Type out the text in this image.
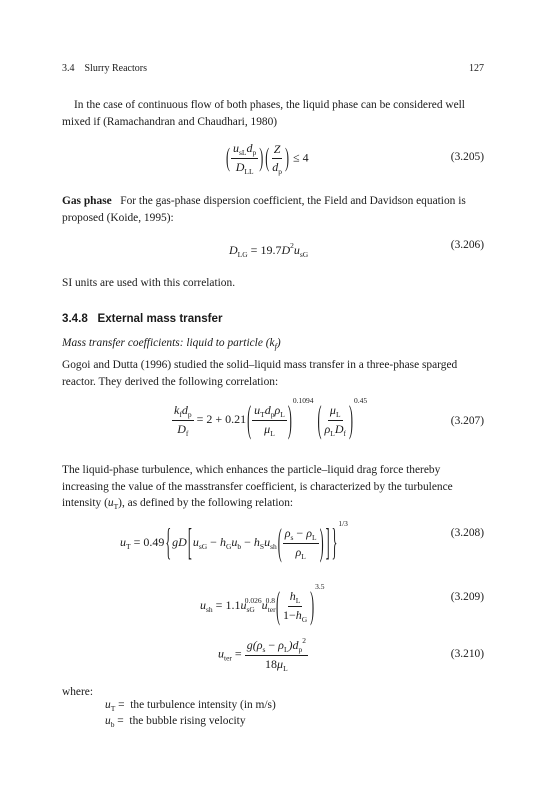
3.4 Slurry Reactors	127
In the case of continuous flow of both phases, the liquid phase can be considered well mixed if (Ramachandran and Chaudhari, 1980)
( $\frac{u_{sL}d_p}{D_{LL}}$ ) ( $\frac{Z}{d_p}$ ) ≤ 4	(3.205)
Gas phase For the gas-phase dispersion coefficient, the Field and Davidson equation is proposed (Koide, 1995):
$D_{LG} = 19.7D^2u_{sG}$
(3.206)
SI units are used with this correlation.
3.4.8 External mass transfer
Mass transfer coefficients: liquid to particle $(k_f)$
Gogoi and Dutta (1996) studied the solid–liquid mass transfer in a three-phase sparged reactor. They derived the following correlation:
$\frac{k_fd_p}{D_f} = 2 + 0.21( \frac{u_Td_p\rho_L}{\mu_L} )^{0.1094}$ ( $\frac{\mu_L}{\rho_LD_f} )^{0.45}$
(3.207)
The liquid-phase turbulence, which enhances the particle–liquid drag force thereby increasing the value of the masstransfer coefficient, is characterized by the turbulence intensity $(u_T)$, as defined by the following relation:
$u_T = 0.49\{gD[u_{sG} - h_Gu_b - h_Su_{sh}( \frac{\rho_s - \rho_L}{\rho_L}$ ) ] }$^{1/3}$
(3.208)
$u_{sh} = 1.1u_{sG}^{0.026}u_{ter}^{0.8}( \frac{h_L}{1-h_G} )^{3.5}$
(3.209)
$u_{ter} = \frac{g(\rho_s - \rho_L)d_p^2}{18\mu_L}$	(3.210)
where:
$u_T$ =  the turbulence intensity (in m/s)
$u_b$ =  the bubble rising velocity
